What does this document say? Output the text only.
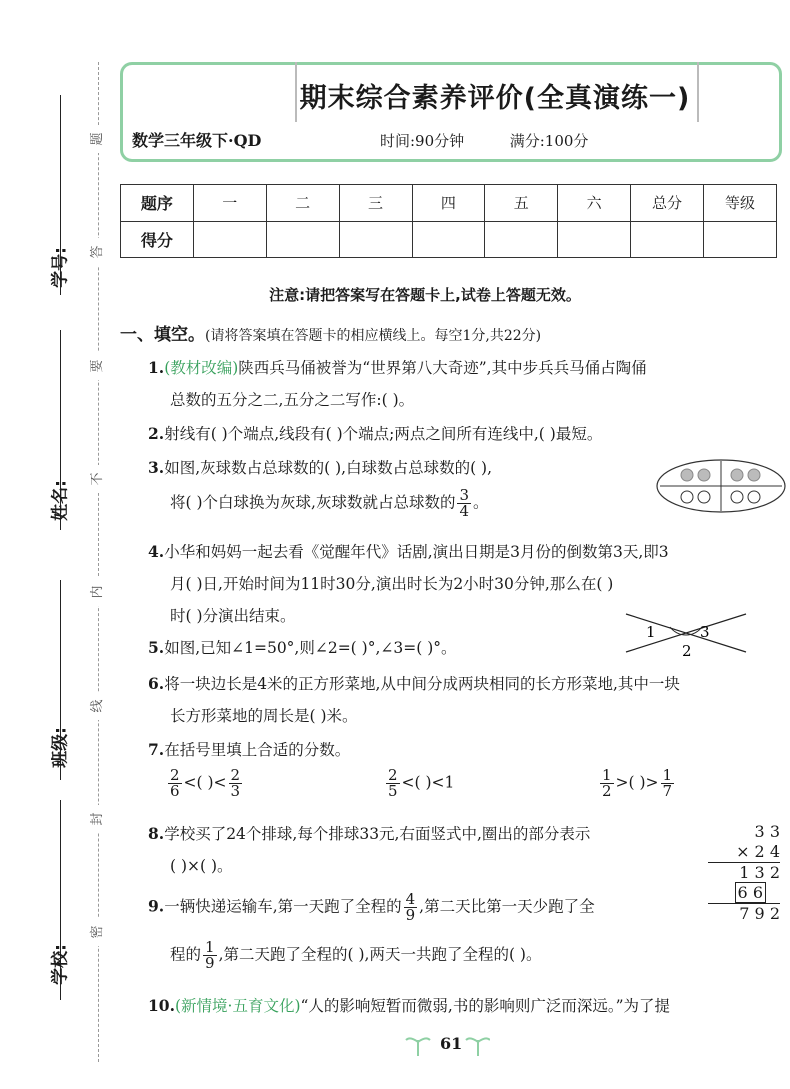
学号:
姓名:
班级:
学校:
题
答
要
不
内
线
封
密
期末综合素养评价(全真演练一)
数学三年级下·QD	时间:90分钟	满分:100分
题序	一	二	三	四	五	六	总分	等级
得分								
注意:请把答案写在答题卡上,试卷上答题无效。
一、填空。(请将答案填在答题卡的相应横线上。每空1分,共22分)
1.(教材改编)陕西兵马俑被誉为“世界第八大奇迹”,其中步兵兵马俑占陶俑
总数的五分之二,五分之二写作:( )。
2.射线有( )个端点,线段有( )个端点;两点之间所有连线中,( )最短。
3.如图,灰球数占总球数的( ),白球数占总球数的( ),
将( )个白球换为灰球,灰球数就占总球数的 $\frac{3}{4}$ 。
4.小华和妈妈一起去看《觉醒年代》话剧,演出日期是3月份的倒数第3天,即3
月( )日,开始时间为11时30分,演出时长为2小时30分钟,那么在( )
时( )分演出结束。
5.如图,已知∠1=50°,则∠2=( )°,∠3=( )°。
1
2
3
6.将一块边长是4米的正方形菜地,从中间分成两块相同的长方形菜地,其中一块
长方形菜地的周长是( )米。
7.在括号里填上合适的分数。
$\frac{2}{6}$ <( )< $\frac{2}{3}$	$\frac{2}{5}$ <( )<1	$\frac{1}{2}$ >( )> $\frac{1}{7}$
8.学校买了24个排球,每个排球33元,右面竖式中,圈出的部分表示
( )×( )。
3 3
× 2 4
1 3 2
6 6
7 9 2
9.一辆快递运输车,第一天跑了全程的 $\frac{4}{9}$ ,第二天比第一天少跑了全
程的 $\frac{1}{9}$ ,第二天跑了全程的( ),两天一共跑了全程的( )。
10.(新情境·五育文化)“人的影响短暂而微弱,书的影响则广泛而深远。”为了提
61
